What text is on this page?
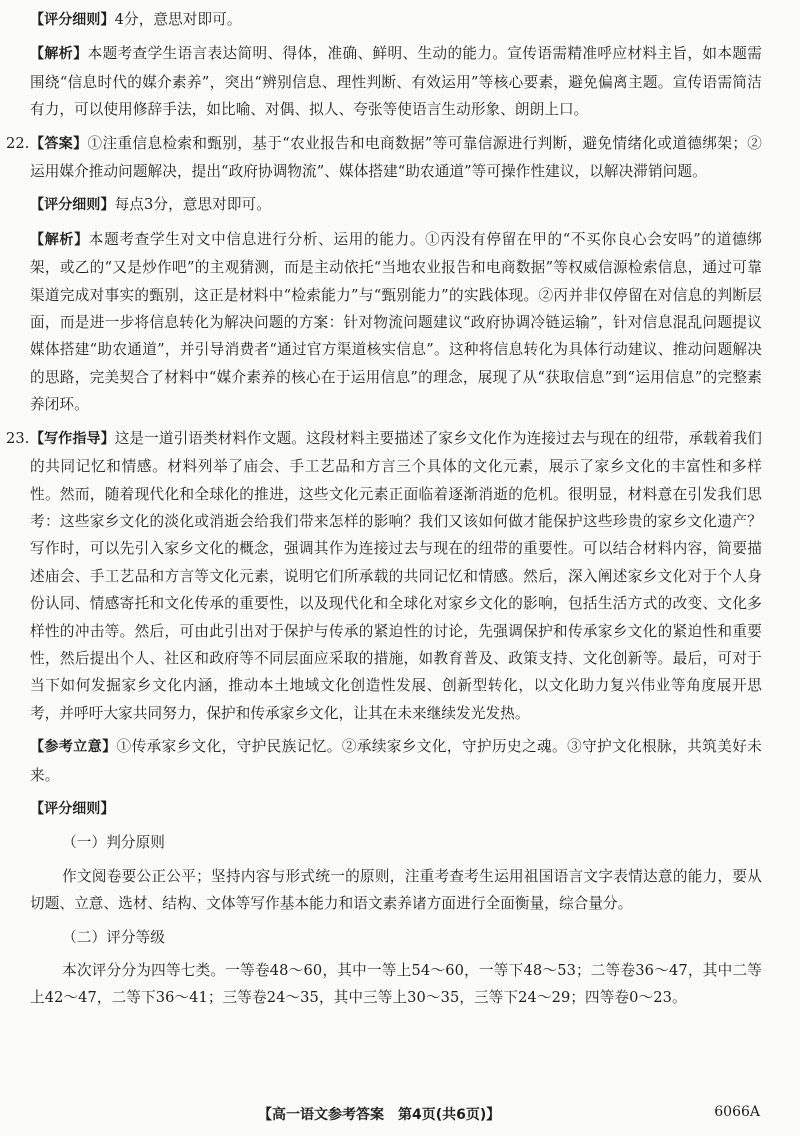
【评分细则】4分，意思对即可。

【解析】本题考查学生语言表达简明、得体，准确、鲜明、生动的能力。宣传语需精准呼应材料主旨，如本题需围绕“信息时代的媒介素养”，突出“辨别信息、理性判断、有效运用”等核心要素，避免偏离主题。宣传语需简洁有力，可以使用修辞手法，如比喻、对偶、拟人、夸张等使语言生动形象、朗朗上口。

22. 【答案】①注重信息检索和甄别，基于“农业报告和电商数据”等可靠信源进行判断，避免情绪化或道德绑架；②运用媒介推动问题解决，提出“政府协调物流”、媒体搭建“助农通道”等可操作性建议，以解决滞销问题。

【评分细则】每点3分，意思对即可。

【解析】本题考查学生对文中信息进行分析、运用的能力。①丙没有停留在甲的“不买你良心会安吗”的道德绑架，或乙的“又是炒作吧”的主观猜测，而是主动依托“当地农业报告和电商数据”等权威信源检索信息，通过可靠渠道完成对事实的甄别，这正是材料中“检索能力”与“甄别能力”的实践体现。②丙并非仅停留在对信息的判断层面，而是进一步将信息转化为解决问题的方案：针对物流问题建议“政府协调冷链运输”，针对信息混乱问题提议媒体搭建“助农通道”，并引导消费者“通过官方渠道核实信息”。这种将信息转化为具体行动建议、推动问题解决的思路，完美契合了材料中“媒介素养的核心在于运用信息”的理念，展现了从“获取信息”到“运用信息”的完整素养闭环。

23. 【写作指导】这是一道引语类材料作文题。这段材料主要描述了家乡文化作为连接过去与现在的纽带，承载着我们的共同记忆和情感。材料列举了庙会、手工艺品和方言三个具体的文化元素，展示了家乡文化的丰富性和多样性。然而，随着现代化和全球化的推进，这些文化元素正面临着逐渐消逝的危机。很明显，材料意在引发我们思考：这些家乡文化的淡化或消逝会给我们带来怎样的影响？我们又该如何做才能保护这些珍贵的家乡文化遗产？写作时，可以先引入家乡文化的概念，强调其作为连接过去与现在的纽带的重要性。可以结合材料内容，简要描述庙会、手工艺品和方言等文化元素，说明它们所承载的共同记忆和情感。然后，深入阐述家乡文化对于个人身份认同、情感寄托和文化传承的重要性，以及现代化和全球化对家乡文化的影响，包括生活方式的改变、文化多样性的冲击等。然后，可由此引出对于保护与传承的紧迫性的讨论，先强调保护和传承家乡文化的紧迫性和重要性，然后提出个人、社区和政府等不同层面应采取的措施，如教育普及、政策支持、文化创新等。最后，可对于当下如何发掘家乡文化内涵，推动本土地域文化创造性发展、创新型转化，以文化助力复兴伟业等角度展开思考，并呼吁大家共同努力，保护和传承家乡文化，让其在未来继续发光发热。

【参考立意】①传承家乡文化，守护民族记忆。②承续家乡文化，守护历史之魂。③守护文化根脉，共筑美好未来。

【评分细则】

（一）判分原则

作文阅卷要公正公平；坚持内容与形式统一的原则，注重考查考生运用祖国语言文字表情达意的能力，要从切题、立意、选材、结构、文体等写作基本能力和语文素养诸方面进行全面衡量，综合量分。

（二）评分等级

本次评分分为四等七类。一等卷48～60，其中一等上54～60，一等下48～53；二等卷36～47，其中二等上42～47，二等下36～41；三等卷24～35，其中三等上30～35，三等下24～29；四等卷0～23。

【高一语文参考答案　第4页(共6页)】	6066A
